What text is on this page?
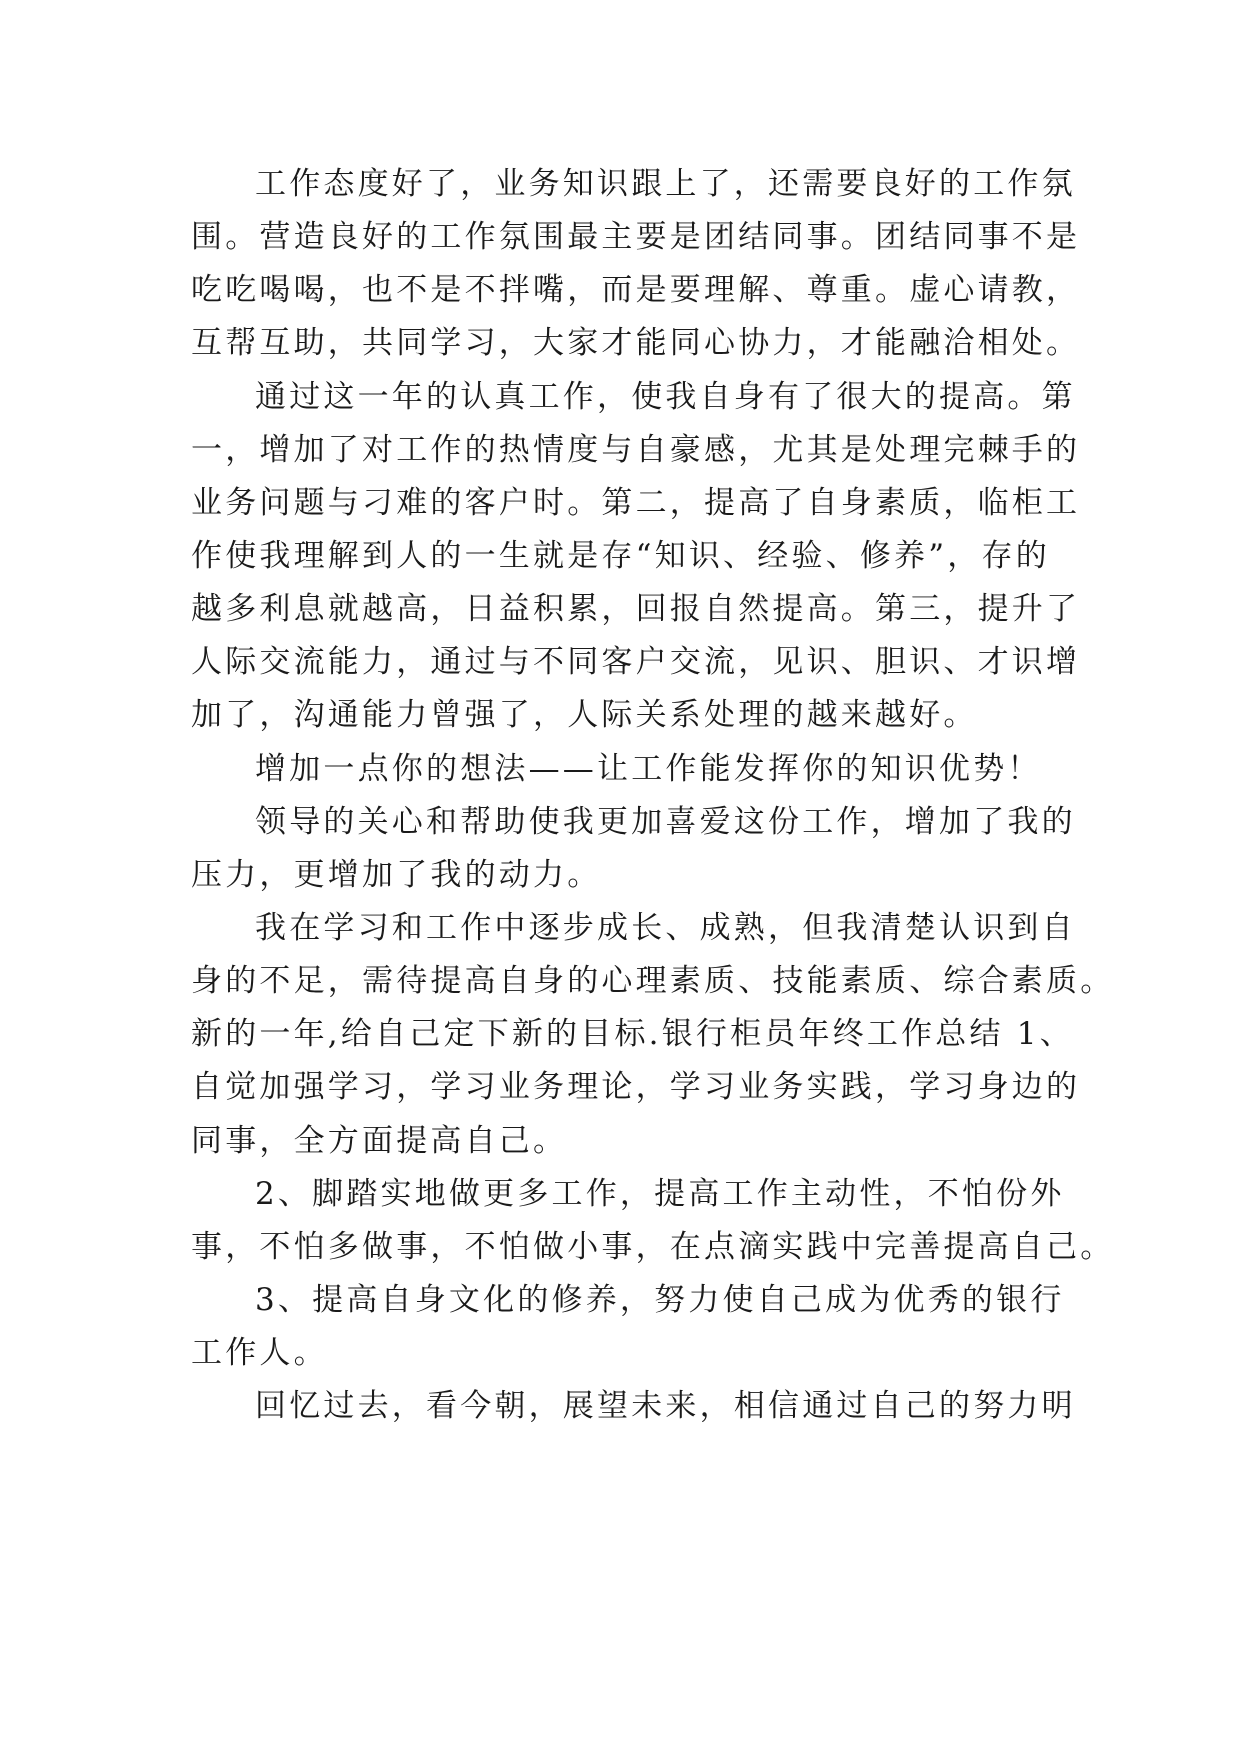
工作态度好了，业务知识跟上了，还需要良好的工作氛
围。营造良好的工作氛围最主要是团结同事。团结同事不是
吃吃喝喝，也不是不拌嘴，而是要理解、尊重。虚心请教，
互帮互助，共同学习，大家才能同心协力，才能融洽相处。
通过这一年的认真工作，使我自身有了很大的提高。第
一，增加了对工作的热情度与自豪感，尤其是处理完棘手的
业务问题与刁难的客户时。第二，提高了自身素质，临柜工
作使我理解到人的一生就是存“知识、经验、修养”，存的
越多利息就越高，日益积累，回报自然提高。第三，提升了
人际交流能力，通过与不同客户交流，见识、胆识、才识增
加了，沟通能力曾强了，人际关系处理的越来越好。
增加一点你的想法——让工作能发挥你的知识优势！
领导的关心和帮助使我更加喜爱这份工作，增加了我的
压力，更增加了我的动力。
我在学习和工作中逐步成长、成熟，但我清楚认识到自
身的不足，需待提高自身的心理素质、技能素质、综合素质。
新的一年,给自己定下新的目标.银行柜员年终工作总结 1、
自觉加强学习，学习业务理论，学习业务实践，学习身边的
同事，全方面提高自己。
2、脚踏实地做更多工作，提高工作主动性，不怕份外
事，不怕多做事，不怕做小事，在点滴实践中完善提高自己。
3、提高自身文化的修养，努力使自己成为优秀的银行
工作人。
回忆过去，看今朝，展望未来，相信通过自己的努力明
